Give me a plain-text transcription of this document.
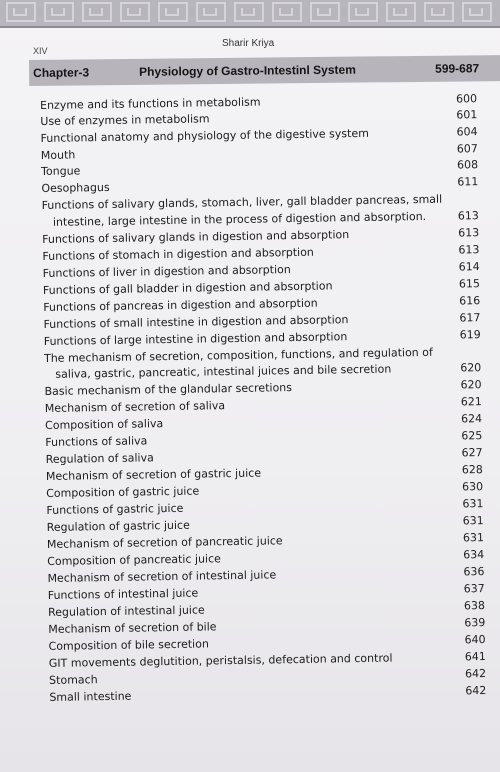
XIV
Sharir Kriya
Chapter-3	Physiology of Gastro-Intestinl System	599-687
Enzyme and its functions in metabolism	600
Use of enzymes in metabolism	601
Functional anatomy and physiology of the digestive system	604
Mouth	607
Tongue	608
Oesophagus	611
Functions of salivary glands, stomach, liver, gall bladder pancreas, small
intestine, large intestine in the process of digestion and absorption.	613
Functions of salivary glands in digestion and absorption	613
Functions of stomach in digestion and absorption	613
Functions of liver in digestion and absorption	614
Functions of gall bladder in digestion and absorption	615
Functions of pancreas in digestion and absorption	616
Functions of small intestine in digestion and absorption	617
Functions of large intestine in digestion and absorption	619
The mechanism of secretion, composition, functions, and regulation of
saliva, gastric, pancreatic, intestinal juices and bile secretion	620
Basic mechanism of the glandular secretions	620
Mechanism of secretion of saliva	621
Composition of saliva	624
Functions of saliva	625
Regulation of saliva	627
Mechanism of secretion of gastric juice	628
Composition of gastric juice	630
Functions of gastric juice	631
Regulation of gastric juice	631
Mechanism of secretion of pancreatic juice	631
Composition of pancreatic juice	634
Mechanism of secretion of intestinal juice	636
Functions of intestinal juice	637
Regulation of intestinal juice	638
Mechanism of secretion of bile	639
Composition of bile secretion	640
GIT movements deglutition, peristalsis, defecation and control	641
Stomach	642
Small intestine	642
